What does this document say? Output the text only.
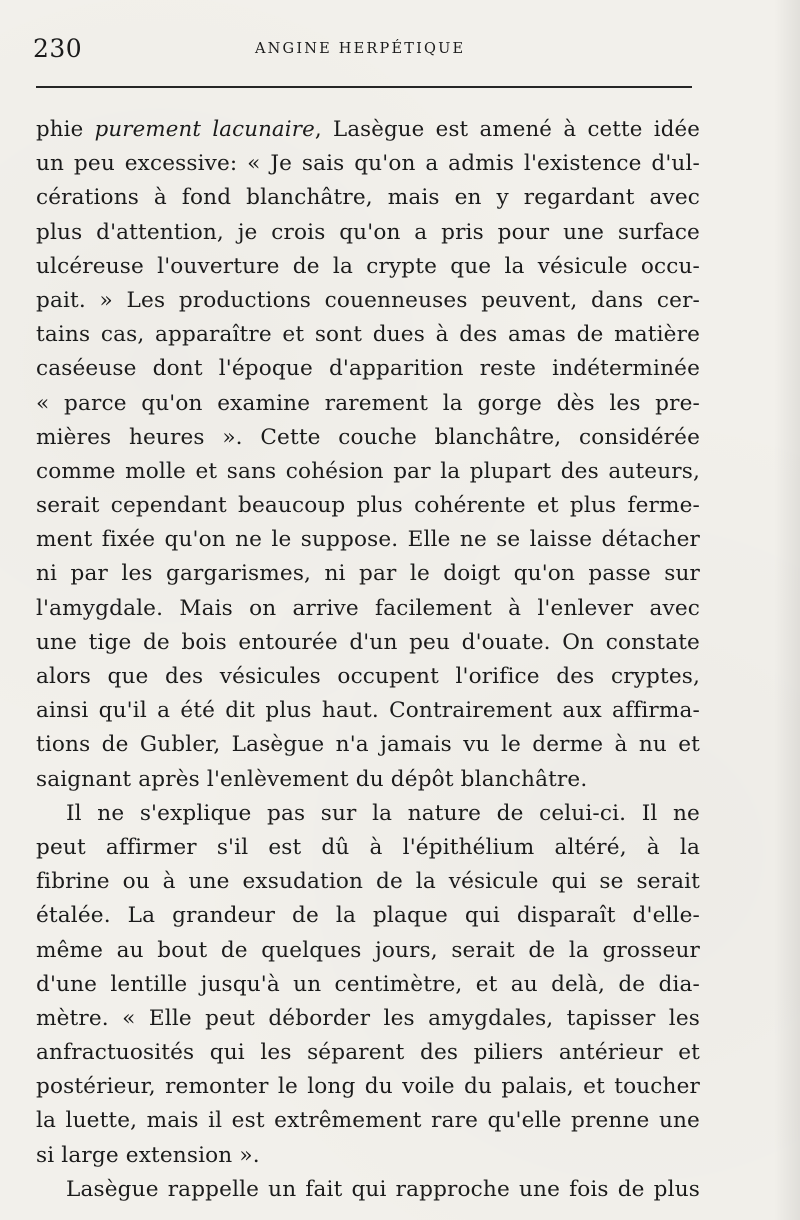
230	ANGINE HERPÉTIQUE
phie purement lacunaire, Lasègue est amené à cette idée
un peu excessive: « Je sais qu'on a admis l'existence d'ul-
cérations à fond blanchâtre, mais en y regardant avec
plus d'attention, je crois qu'on a pris pour une surface
ulcéreuse l'ouverture de la crypte que la vésicule occu-
pait. » Les productions couenneuses peuvent, dans cer-
tains cas, apparaître et sont dues à des amas de matière
caséeuse dont l'époque d'apparition reste indéterminée
« parce qu'on examine rarement la gorge dès les pre-
mières heures ». Cette couche blanchâtre, considérée
comme molle et sans cohésion par la plupart des auteurs,
serait cependant beaucoup plus cohérente et plus ferme-
ment fixée qu'on ne le suppose. Elle ne se laisse détacher
ni par les gargarismes, ni par le doigt qu'on passe sur
l'amygdale. Mais on arrive facilement à l'enlever avec
une tige de bois entourée d'un peu d'ouate. On constate
alors que des vésicules occupent l'orifice des cryptes,
ainsi qu'il a été dit plus haut. Contrairement aux affirma-
tions de Gubler, Lasègue n'a jamais vu le derme à nu et
saignant après l'enlèvement du dépôt blanchâtre.
Il ne s'explique pas sur la nature de celui-ci. Il ne
peut affirmer s'il est dû à l'épithélium altéré, à la
fibrine ou à une exsudation de la vésicule qui se serait
étalée. La grandeur de la plaque qui disparaît d'elle-
même au bout de quelques jours, serait de la grosseur
d'une lentille jusqu'à un centimètre, et au delà, de dia-
mètre. « Elle peut déborder les amygdales, tapisser les
anfractuosités qui les séparent des piliers antérieur et
postérieur, remonter le long du voile du palais, et toucher
la luette, mais il est extrêmement rare qu'elle prenne une
si large extension ».
Lasègue rappelle un fait qui rapproche une fois de plus
